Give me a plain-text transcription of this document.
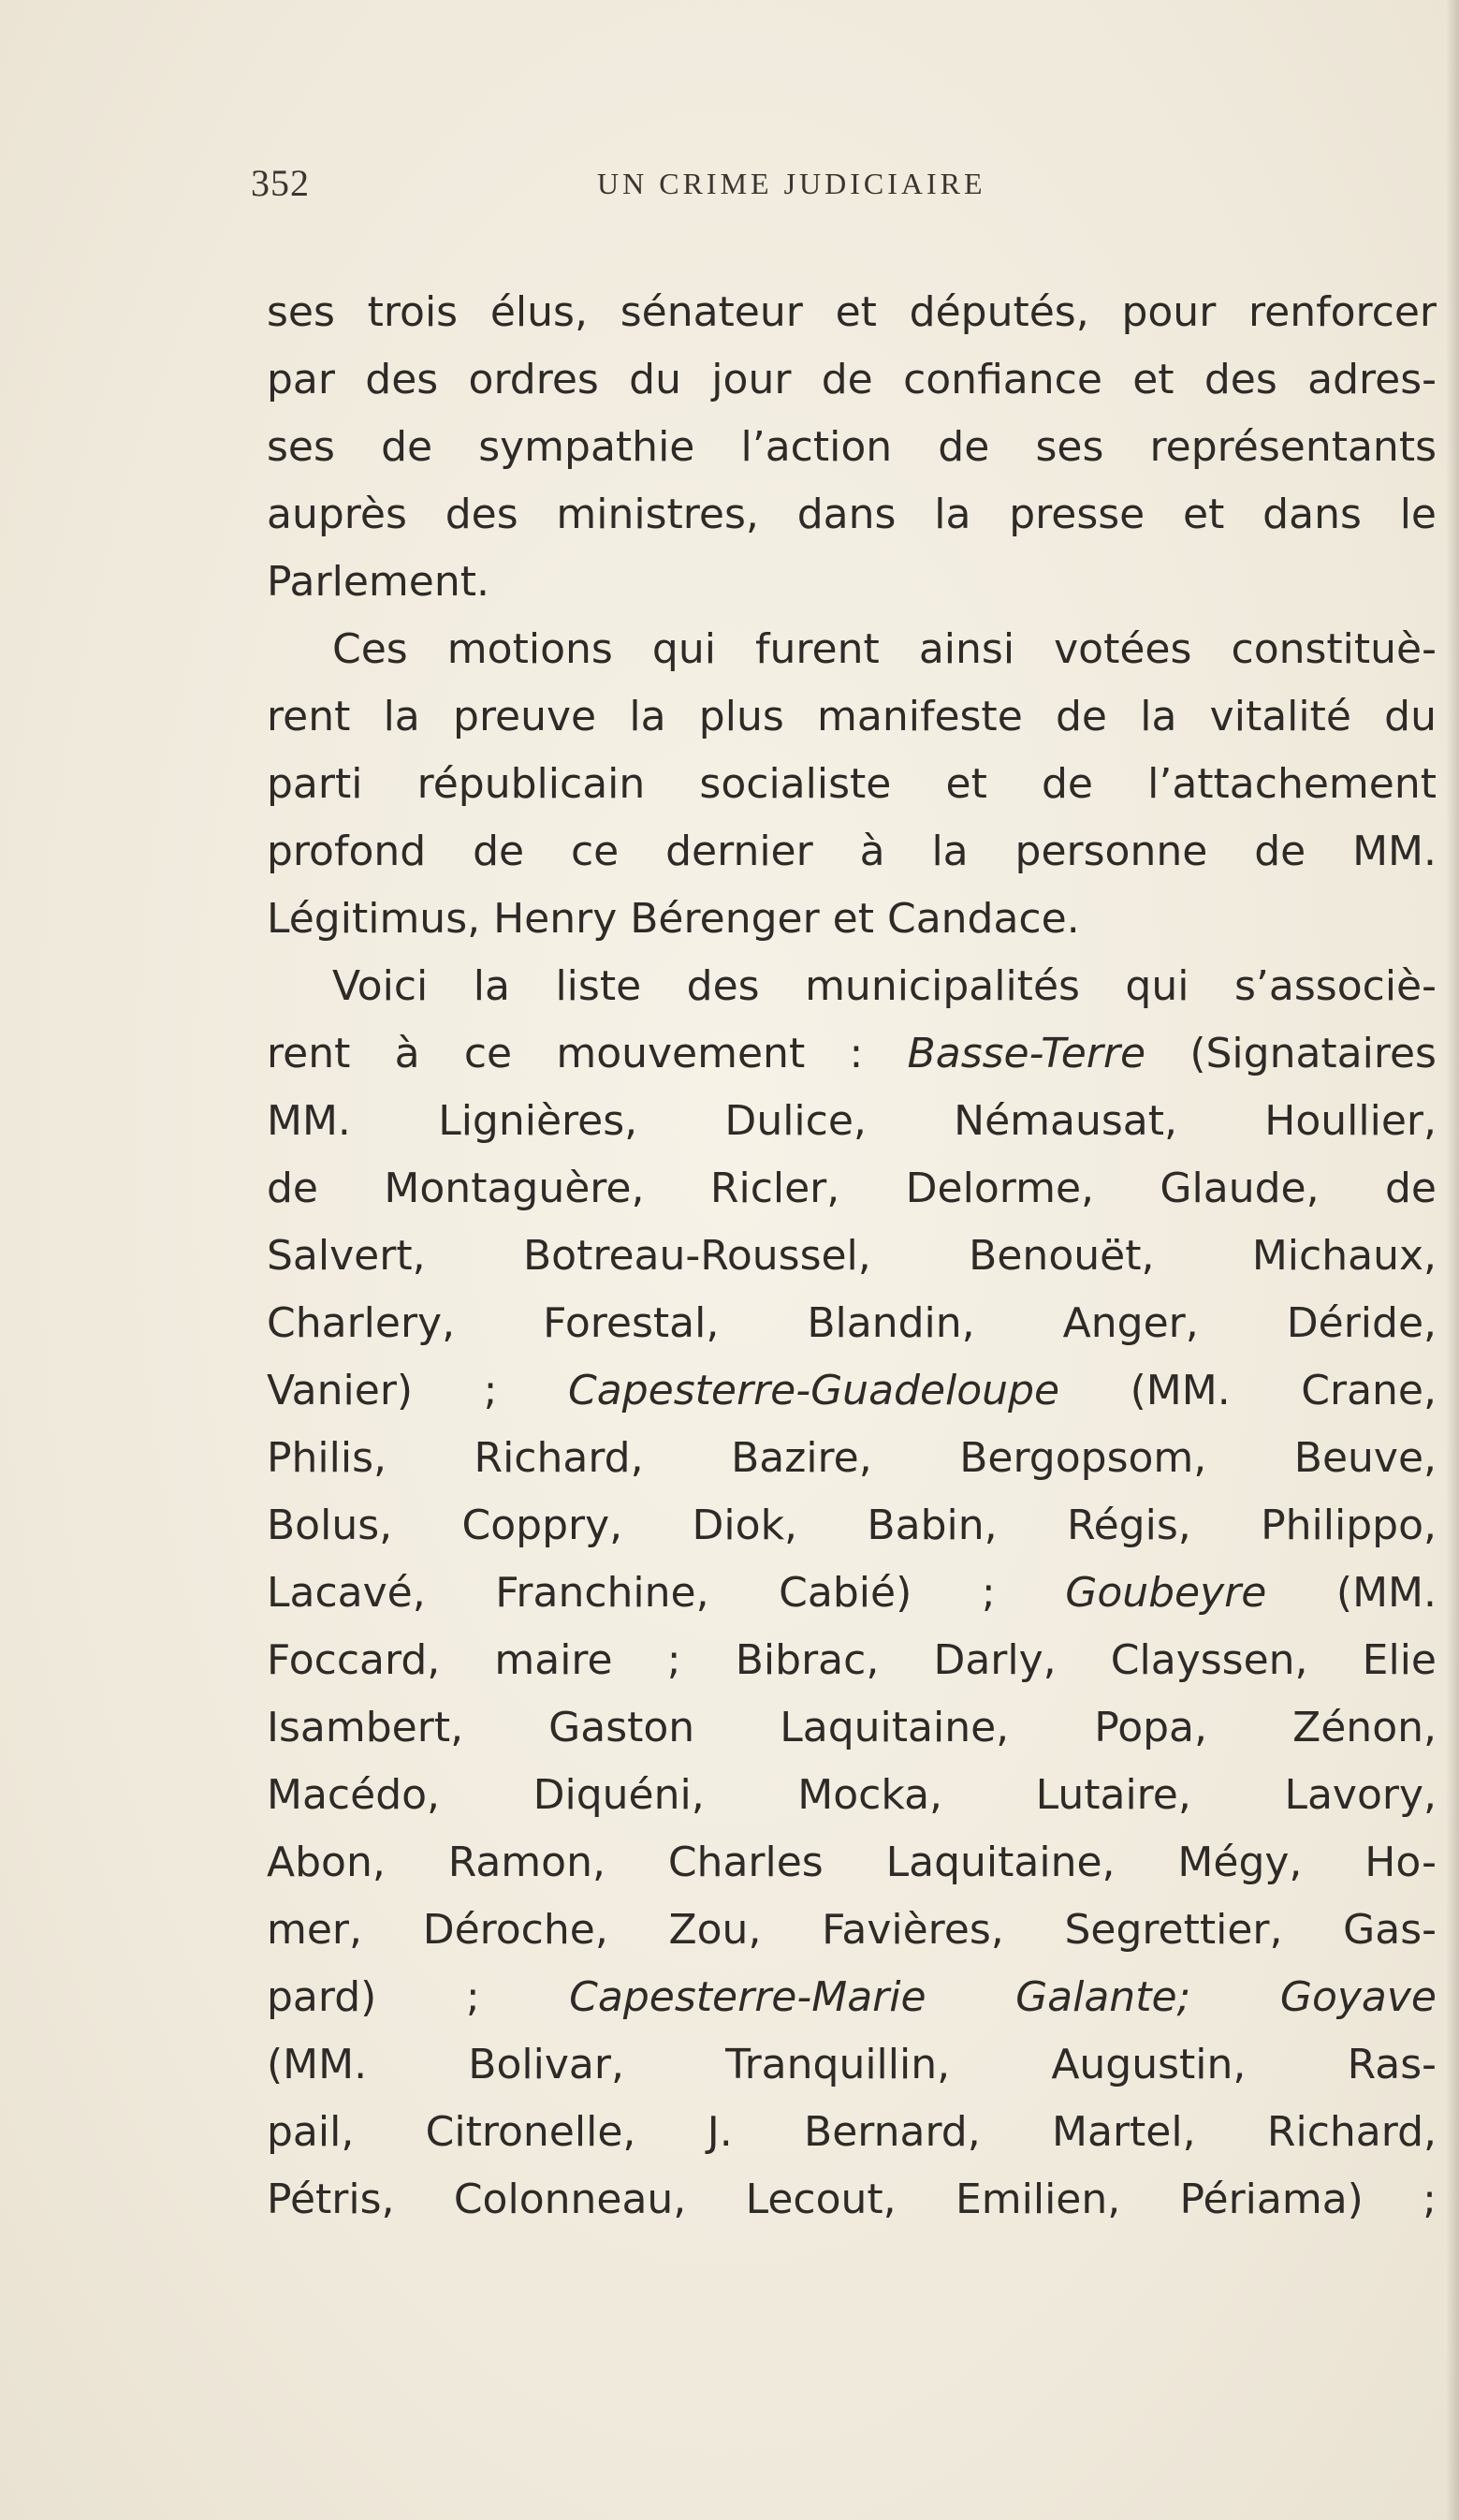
352	UN CRIME JUDICIAIRE
ses trois élus, sénateur et députés, pour renforcer
par des ordres du jour de confiance et des adres-
ses de sympathie l’action de ses représentants
auprès des ministres, dans la presse et dans le
Parlement.
Ces motions qui furent ainsi votées constituè-
rent la preuve la plus manifeste de la vitalité du
parti républicain socialiste et de l’attachement
profond de ce dernier à la personne de MM.
Légitimus, Henry Bérenger et Candace.
Voici la liste des municipalités qui s’associè-
rent à ce mouvement : Basse-Terre (Signataires
MM. Lignières, Dulice, Némausat, Houllier,
de Montaguère, Ricler, Delorme, Glaude, de
Salvert, Botreau-Roussel, Benouët, Michaux,
Charlery, Forestal, Blandin, Anger, Déride,
Vanier) ; Capesterre-Guadeloupe (MM. Crane,
Philis, Richard, Bazire, Bergopsom, Beuve,
Bolus, Coppry, Diok, Babin, Régis, Philippo,
Lacavé, Franchine, Cabié) ; Goubeyre (MM.
Foccard, maire ; Bibrac, Darly, Clayssen, Elie
Isambert, Gaston Laquitaine, Popa, Zénon,
Macédo, Diquéni, Mocka, Lutaire, Lavory,
Abon, Ramon, Charles Laquitaine, Mégy, Ho-
mer, Déroche, Zou, Favières, Segrettier, Gas-
pard) ; Capesterre-Marie Galante; Goyave
(MM. Bolivar, Tranquillin, Augustin, Ras-
pail, Citronelle, J. Bernard, Martel, Richard,
Pétris, Colonneau, Lecout, Emilien, Périama) ;
